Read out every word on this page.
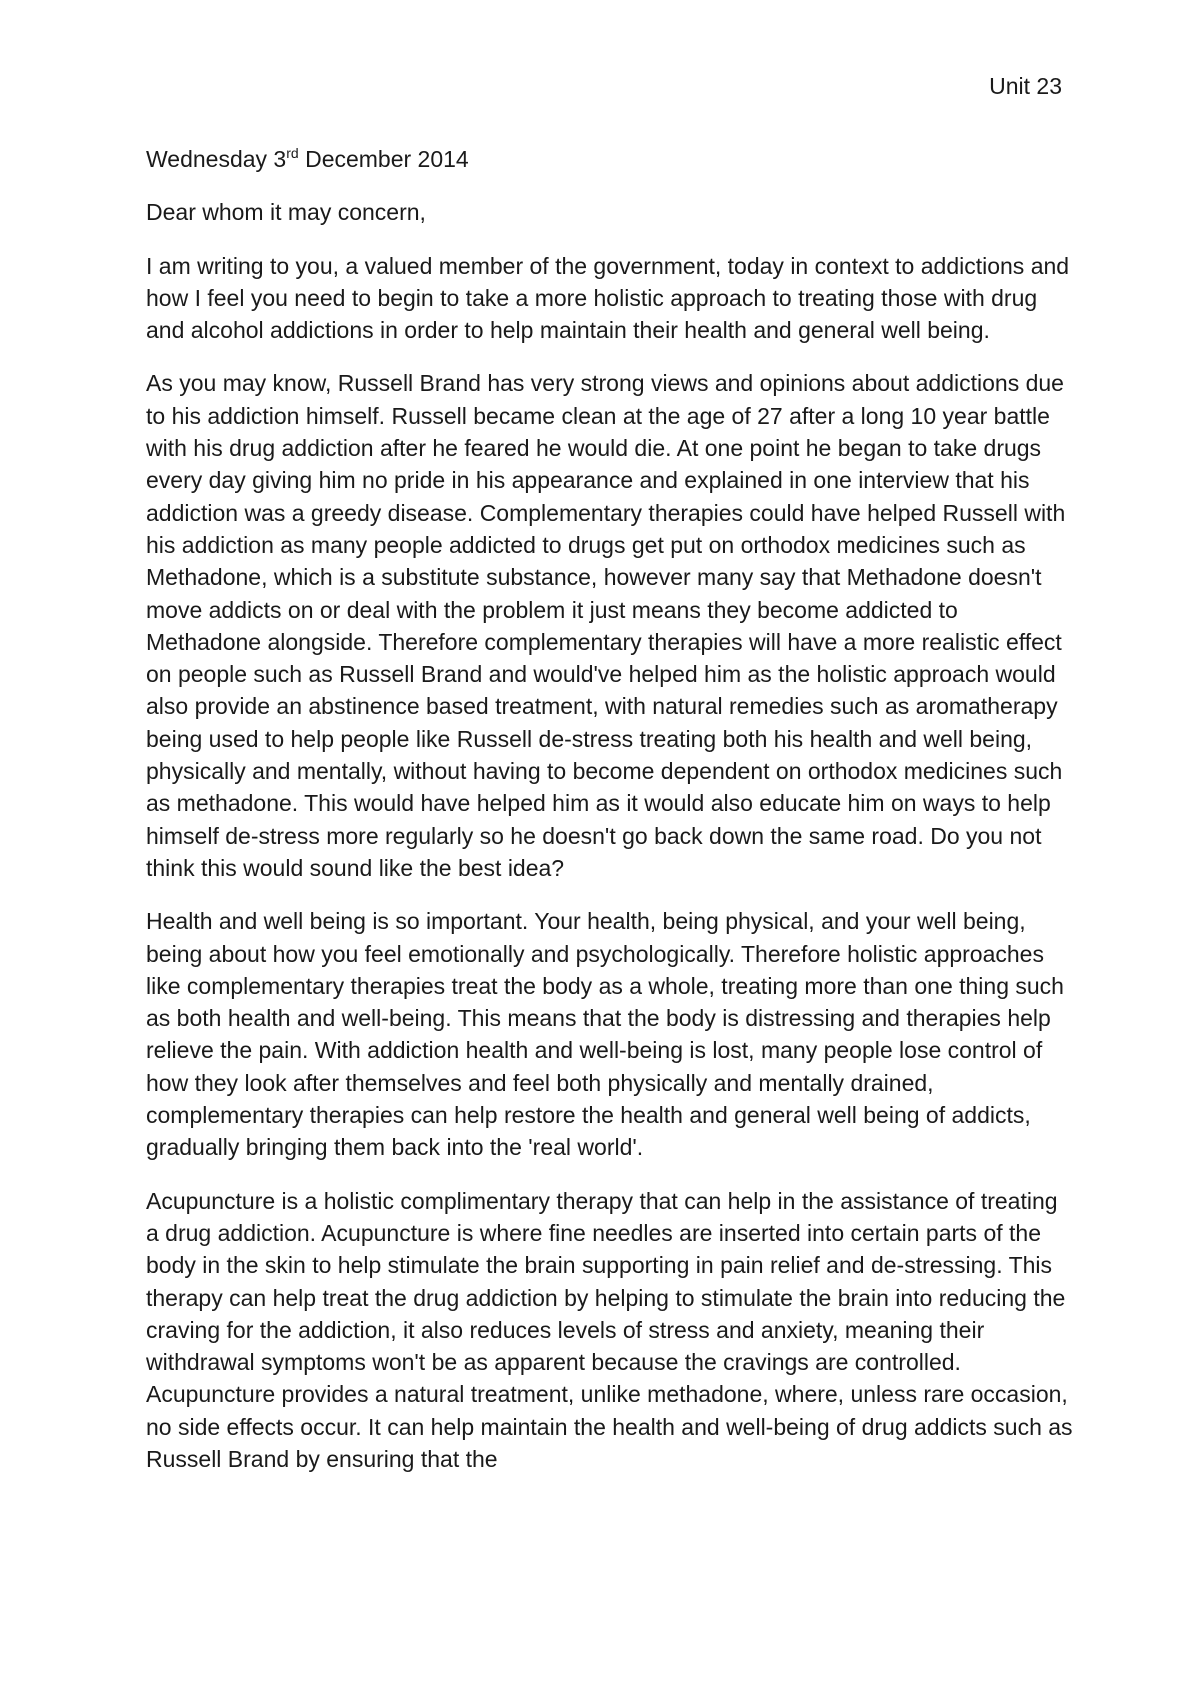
Unit 23

Wednesday 3rd December 2014

Dear whom it may concern,

I am writing to you, a valued member of the government, today in context to addictions and how I feel you need to begin to take a more holistic approach to treating those with drug and alcohol addictions in order to help maintain their health and general well being.

As you may know, Russell Brand has very strong views and opinions about addictions due to his addiction himself. Russell became clean at the age of 27 after a long 10 year battle with his drug addiction after he feared he would die. At one point he began to take drugs every day giving him no pride in his appearance and explained in one interview that his addiction was a greedy disease. Complementary therapies could have helped Russell with his addiction as many people addicted to drugs get put on orthodox medicines such as Methadone, which is a substitute substance, however many say that Methadone doesn't move addicts on or deal with the problem it just means they become addicted to Methadone alongside. Therefore complementary therapies will have a more realistic effect on people such as Russell Brand and would've helped him as the holistic approach would also provide an abstinence based treatment, with natural remedies such as aromatherapy being used to help people like Russell de-stress treating both his health and well being, physically and mentally, without having to become dependent on orthodox medicines such as methadone. This would have helped him as it would also educate him on ways to help himself de-stress more regularly so he doesn't go back down the same road. Do you not think this would sound like the best idea?

Health and well being is so important. Your health, being physical, and your well being, being about how you feel emotionally and psychologically. Therefore holistic approaches like complementary therapies treat the body as a whole, treating more than one thing such as both health and well-being. This means that the body is distressing and therapies help relieve the pain. With addiction health and well-being is lost, many people lose control of how they look after themselves and feel both physically and mentally drained, complementary therapies can help restore the health and general well being of addicts, gradually bringing them back into the 'real world'.

Acupuncture is a holistic complimentary therapy that can help in the assistance of treating a drug addiction. Acupuncture is where fine needles are inserted into certain parts of the body in the skin to help stimulate the brain supporting in pain relief and de-stressing. This therapy can help treat the drug addiction by helping to stimulate the brain into reducing the craving for the addiction, it also reduces levels of stress and anxiety, meaning their withdrawal symptoms won't be as apparent because the cravings are controlled. Acupuncture provides a natural treatment, unlike methadone, where, unless rare occasion, no side effects occur. It can help maintain the health and well-being of drug addicts such as Russell Brand by ensuring that the
